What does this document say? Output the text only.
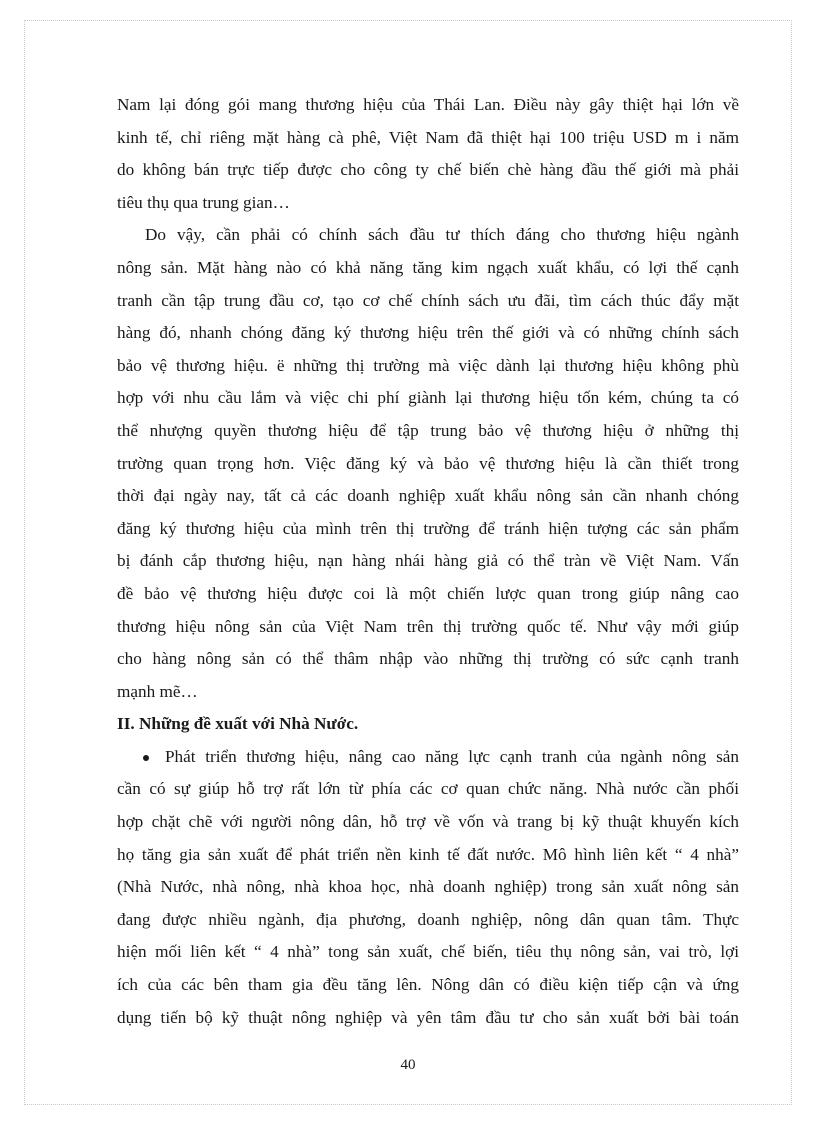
Nam lại đóng gói mang thương hiệu của Thái Lan. Điều này gây thiệt hại lớn về
kinh tế, chỉ riêng mặt hàng cà phê, Việt Nam đã thiệt hại 100 triệu USD m i năm
do không bán trực tiếp được cho công ty chế biến chè hàng đầu thế giới mà phải
tiêu thụ qua trung gian…
Do vậy, cần phải có chính sách đầu tư thích đáng cho thương hiệu ngành
nông sản. Mặt hàng nào có khả năng tăng kim ngạch xuất khẩu, có lợi thế cạnh
tranh cần tập trung đầu cơ, tạo cơ chế chính sách ưu đãi, tìm cách thúc đẩy mặt
hàng đó, nhanh chóng đăng ký thương hiệu trên thế giới và có những chính sách
bảo vệ thương hiệu. ë những thị trường mà việc dành lại thương hiệu không phù
hợp với nhu cầu lắm và việc chi phí giành lại thương hiệu tốn kém, chúng ta có
thể nhượng quyền thương hiệu để tập trung bảo vệ thương hiệu ở những thị
trường quan trọng hơn. Việc đăng ký và bảo vệ thương hiệu là cần thiết trong
thời đại ngày nay, tất cả các doanh nghiệp xuất khẩu nông sản cần nhanh chóng
đăng ký thương hiệu của mình trên thị trường để tránh hiện tượng các sản phẩm
bị đánh cắp thương hiệu, nạn hàng nhái hàng giả có thể tràn về Việt Nam. Vấn
đề bảo vệ thương hiệu được coi là một chiến lược quan trong giúp nâng cao
thương hiệu nông sản của Việt Nam trên thị trường quốc tế. Như vậy mới giúp
cho hàng nông sản có thể thâm nhập vào những thị trường có sức cạnh tranh
mạnh mẽ…
II. Những đề xuất với Nhà Nước.
Phát triển thương hiệu, nâng cao năng lực cạnh tranh của ngành nông sản
cần có sự giúp hỗ trợ rất lớn từ phía các cơ quan chức năng. Nhà nước cần phối
hợp chặt chẽ với người nông dân, hỗ trợ về vốn và trang bị kỹ thuật khuyến kích
họ tăng gia sản xuất để phát triển nền kinh tế đất nước. Mô hình liên kết “ 4 nhà”
(Nhà Nước, nhà nông, nhà khoa học, nhà doanh nghiệp) trong sản xuất nông sản
đang được nhiều ngành, địa phương, doanh nghiệp, nông dân quan tâm. Thực
hiện mối liên kết “ 4 nhà” tong sản xuất, chế biến, tiêu thụ nông sản, vai trò, lợi
ích của các bên tham gia đều tăng lên. Nông dân có điều kiện tiếp cận và ứng
dụng tiến bộ kỹ thuật nông nghiệp và yên tâm đầu tư cho sản xuất bởi bài toán
40
